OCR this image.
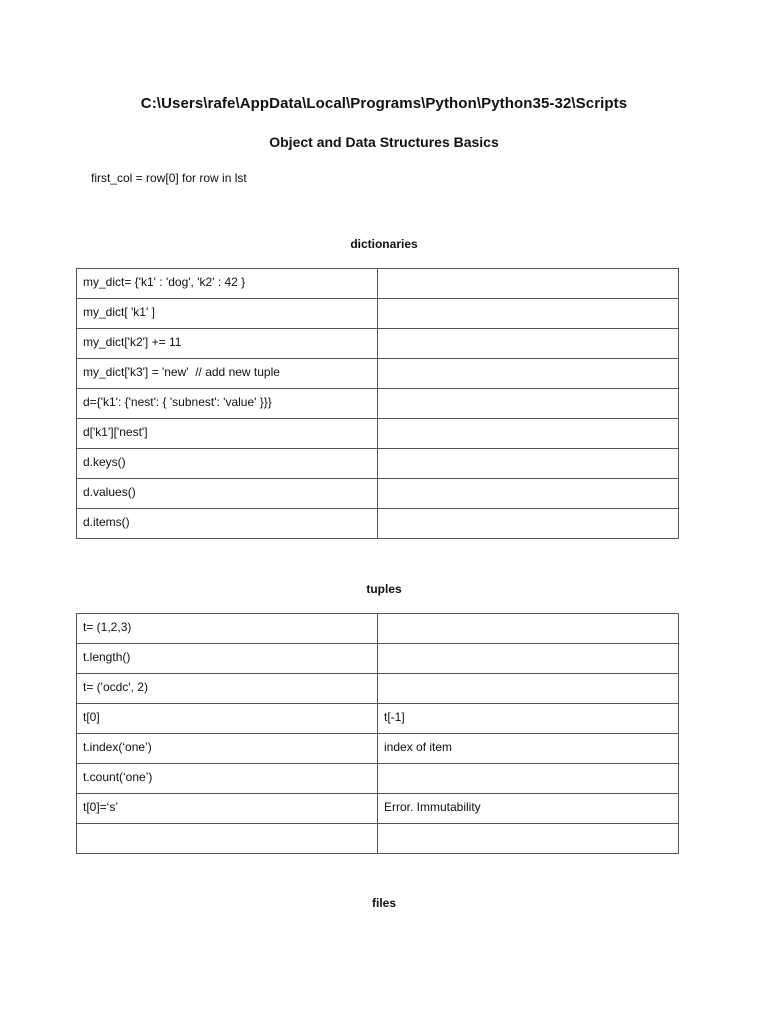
C:\Users\rafe\AppData\Local\Programs\Python\Python35-32\Scripts
Object and Data Structures Basics
first_col = row[0] for row in lst
dictionaries
my_dict= {'k1' : 'dog', 'k2' : 42 }	
my_dict[ 'k1' ]	
my_dict['k2'] += 11	
my_dict['k3'] = 'new'  // add new tuple	
d={'k1': {'nest': { 'subnest': 'value' }}}	
d['k1']['nest']	
d.keys()	
d.values()	
d.items()	
tuples
t= (1,2,3)	
t.length()	
t= ('ocdc', 2)	
t[0]	t[-1]
t.index(‘one’)	index of item
t.count(‘one’)	
t[0]=‘s’	Error. Immutability

files
